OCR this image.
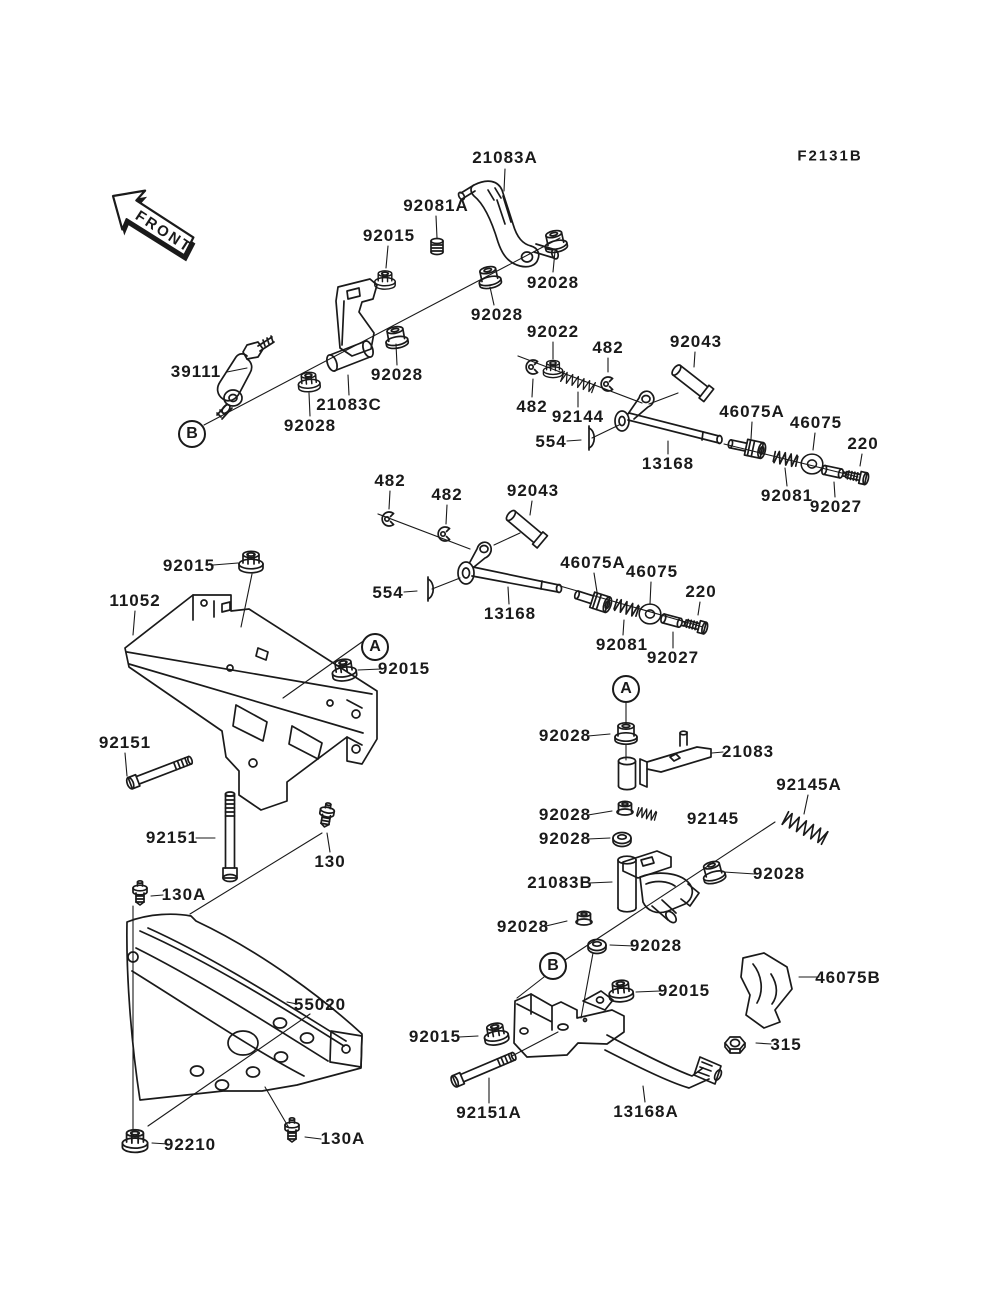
FRONT
21083A
92081A
92015
92028
92028
92022
482	92043
39111	92028
21083C
92028
482
92144
554
13168
46075A
46075
220
92081
92027
482
482	92043
554
13168
46075A 46075
220
92081
92027
92015
11052
92151
92015
92151
130
130A
55020
92210	130A
92028
21083
92028	92145
92145A
92028
21083B	92028
92028
92028
92015
46075B
315
92015
92151A	13168A
B
A
A
B
F2131B
